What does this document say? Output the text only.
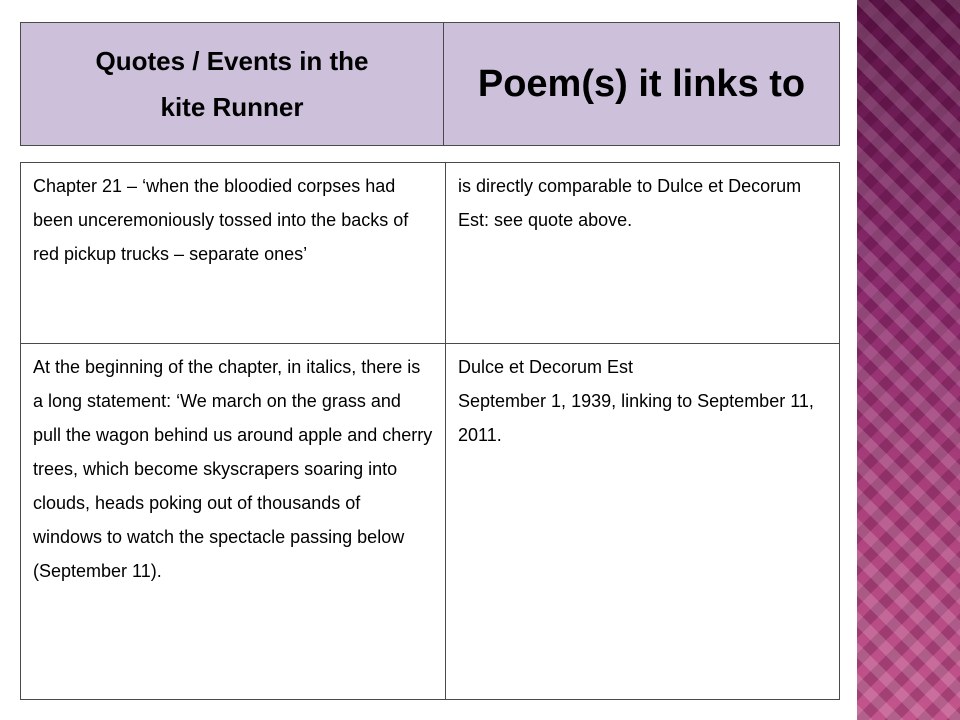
Quotes / Events in the
kite Runner
	Poem(s) it links to
Chapter 21 – ‘when the bloodied corpses had been unceremoniously tossed into the backs of red pickup trucks – separate ones’	is directly comparable to Dulce et Decorum Est: see quote above.

At the beginning of the chapter, in italics, there is a long statement: ‘We march on the grass and pull the wagon behind us around apple and cherry trees, which become skyscrapers soaring into clouds, heads poking out of thousands of windows to watch the spectacle passing below (September 11).	Dulce et Decorum Est
September 1, 1939, linking to September 11, 2011.
